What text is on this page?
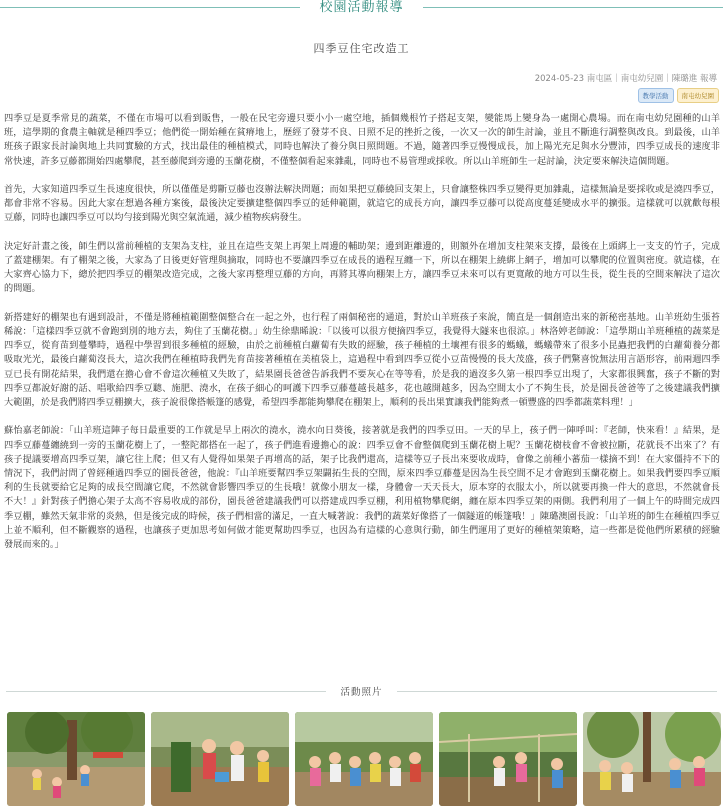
校園活動報導
四季豆住宅改造工
2024-05-23 南屯區｜南屯幼兒園｜陳璐進 報導
教學活動	南屯幼兒園

四季豆是夏季常見的蔬菜，不僅在市場可以看到販售，一般在民宅旁邊只要小小一處空地，插個幾根竹子搭起支架，變能馬上變身為一處開心農場。而在南屯幼兒園種的山羊班，這學期的食農主軸就是種四季豆；他們從一開始種在貧瘠地上，歷經了發芽不良、日照不足的挫折之後，一次又一次的師生討論，並且不斷進行調整與改良。到最後，山羊班孩子跟家長討論與地上共同實驗的方式，找出最佳的種植模式，同時也解決了養分與日照問題。不過，隨著四季豆慢慢成長，加上陽光充足與水分豐沛，四季豆成長的速度非常快速，許多豆藤都開始四處攀爬，甚至藤爬到旁邊的玉蘭花樹，不僅整個看起來雜亂，同時也不易管理或採收。所以山羊班師生一起討論，決定要來解決這個問題。

首先，大家知道四季豆生長速度很快，所以僅僅是剪斷豆藤也沒辦法解決問題；而如果把豆藤繞回支架上，只會讓整株四季豆變得更加雜亂，這樣無論是要採收或是澆四季豆，都會非常不容易。因此大家在想過各種方案後，最後決定要擴建整個四季豆的延伸範圍，就這它的成長方向，讓四季豆藤可以從高度蔓延變成水平的擴張。這樣就可以就歡每根豆藤，同時也讓四季豆可以均勻接到陽光與空氣流通，減少植物疾病發生。

決定好計畫之後，師生們以當前種植的支架為支柱，並且在這些支架上再架上周邊的輔助架；邊到距離邊的，則額外在增加支柱架來支撐，最後在上頭綁上一支支的竹子，完成了蓋建棚架。有了棚架之後，大家為了日後更好管理與摘取，同時也不要讓四季豆在成長的過程互纏一下，所以在棚架上繞綁上網子，增加可以攀爬的位置與密度。就這樣，在大家齊心協力下，總於把四季豆的棚架改造完成，之後大家再整理豆藤的方向，再將其導向棚架上方，讓四季豆未來可以有更寬敞的地方可以生長，從生長的空間來解決了這次的問題。

新搭建好的棚架也有遇到設計，不僅是將種植範圍整個整合在一起之外，也行程了兩個秘密的通道，對於山羊班孩子來說，簡直是一個創造出來的新秘密基地。山羊班幼生張苔稀說：「這樣四季豆就不會跑到別的地方去，夠住了玉蘭花樹。」幼生徐鼎睎說：「以後可以很方便摘四季豆，我覺得大隧來也很涼。」林洛婷老師說：「這學期山羊班種植的蔬菜是四季豆，從育苗到蔓攀時，過程中學習到很多種植的經驗，由於之前種植白蘿蔔有失敗的經驗，孩子種植的土壤裡有很多的螞蟻，螞蟻帶來了很多小昆蟲把我們的白蘿蔔養分都吸取光光，最後白蘿蔔沒長大，這次我們在種植時我們先育苗接著種植在美植袋上，這過程中看到四季豆從小豆苗慢慢的長大茂盛，孩子們驚喜悅無法用言語形容，前兩週四季豆已長有開花結果，我們還在擔心會不會這次種植又失敗了，結果園長爸爸告訴我們不要灰心在等等看，於是我的過沒多久第一根四季豆出現了，大家都很興奮，孩子不斷的對四季豆都說好謝的話、唱歌給四季豆聽、施肥、澆水，在孩子細心的呵護下四季豆藤蔓越長越多，花也越開越多，因為空間太小了不夠生長，於是園長爸爸等了之後建議我們擴大範圍，於是我們將四季豆棚擴大，孩子說很像搭帳篷的感覺，希望四季都能夠攀爬在棚架上，順利的長出果實讓我們能夠煮一頓豐盛的四季都蔬菜料理！」

蘇怡嘉老師說：「山羊班這陣子每日最重要的工作就是早上兩次的澆水，澆水向日葵後，接著就是我們的四季豆田。一天的早上，孩子們一陣呼叫：『老師，快來看！』結果，是四季豆藤蔓纏繞到一旁的玉蘭花樹上了，一整陀都搭在一起了，孩子們進看邊擔心的說：四季豆會不會整個爬到玉蘭花樹上呢？玉蘭花樹枝會不會被拉斷，花就長不出來了？有孩子提議要增高四季豆架，讓它往上爬；但又有人覺得如果架子再增高的話，架子比我們還高，這樣等豆子長出來要收成時，會像之前種小蕃茄一樣摘不到！在大家僵持不下的情況下，我們討問了曾經種過四季豆的園長爸爸，他說：『山羊班要幫四季豆架闢拓生長的空間，原來四季豆藤蔓是因為生長空間不足才會跑到玉蘭花樹上。如果我們要四季豆順利的生長就要給它足夠的成長空間讓它爬，不然就會影響四季豆的生長哦！就像小朋友一樣，身體會一天天長大，原本穿的衣服太小，所以就要再換一件大的意思，不然就會長不大！』針對孩子們擔心架子太高不容易收成的部份，園長爸爸建議我們可以搭建成四季豆棚，利用植物攀爬網，纏在原本四季豆架的兩側。我們利用了一個上午的時間完成四季豆棚，雖然天氣非常的炎熱，但是後完成的時候，孩子們相當的滿足，一直大喊著說：我們的蔬菜好像搭了一個隧道的帳篷哦！」陳璐澳園長說：「山羊班的師生在種植四季豆上並不順利，但不斷觀察的過程，也讓孩子更加思考如何做才能更幫助四季豆，也因為有這樣的心意與行動，師生們運用了更好的種植架策略，這一些都是從他們所累積的經驗發展而來的。」

活動照片
